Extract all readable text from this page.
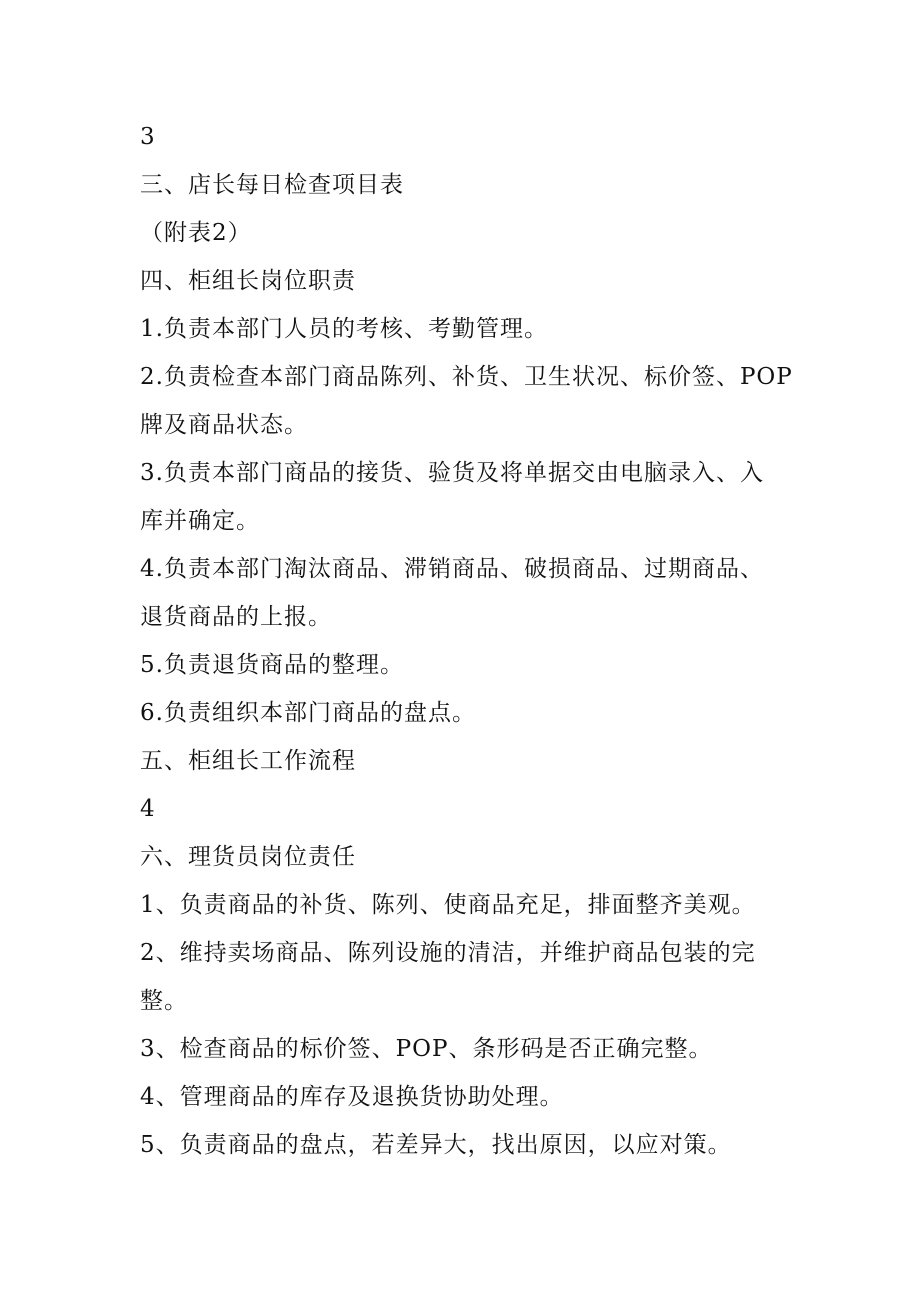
3
三、店长每日检查项目表
（附表2）
四、柜组长岗位职责
1.负责本部门人员的考核、考勤管理。
2.负责检查本部门商品陈列、补货、卫生状况、标价签、POP
牌及商品状态。
3.负责本部门商品的接货、验货及将单据交由电脑录入、入
库并确定。
4.负责本部门淘汰商品、滞销商品、破损商品、过期商品、
退货商品的上报。
5.负责退货商品的整理。
6.负责组织本部门商品的盘点。
五、柜组长工作流程
4
六、理货员岗位责任
1、负责商品的补货、陈列、使商品充足，排面整齐美观。
2、维持卖场商品、陈列设施的清洁，并维护商品包装的完
整。
3、检查商品的标价签、POP、条形码是否正确完整。
4、管理商品的库存及退换货协助处理。
5、负责商品的盘点，若差异大，找出原因，以应对策。
